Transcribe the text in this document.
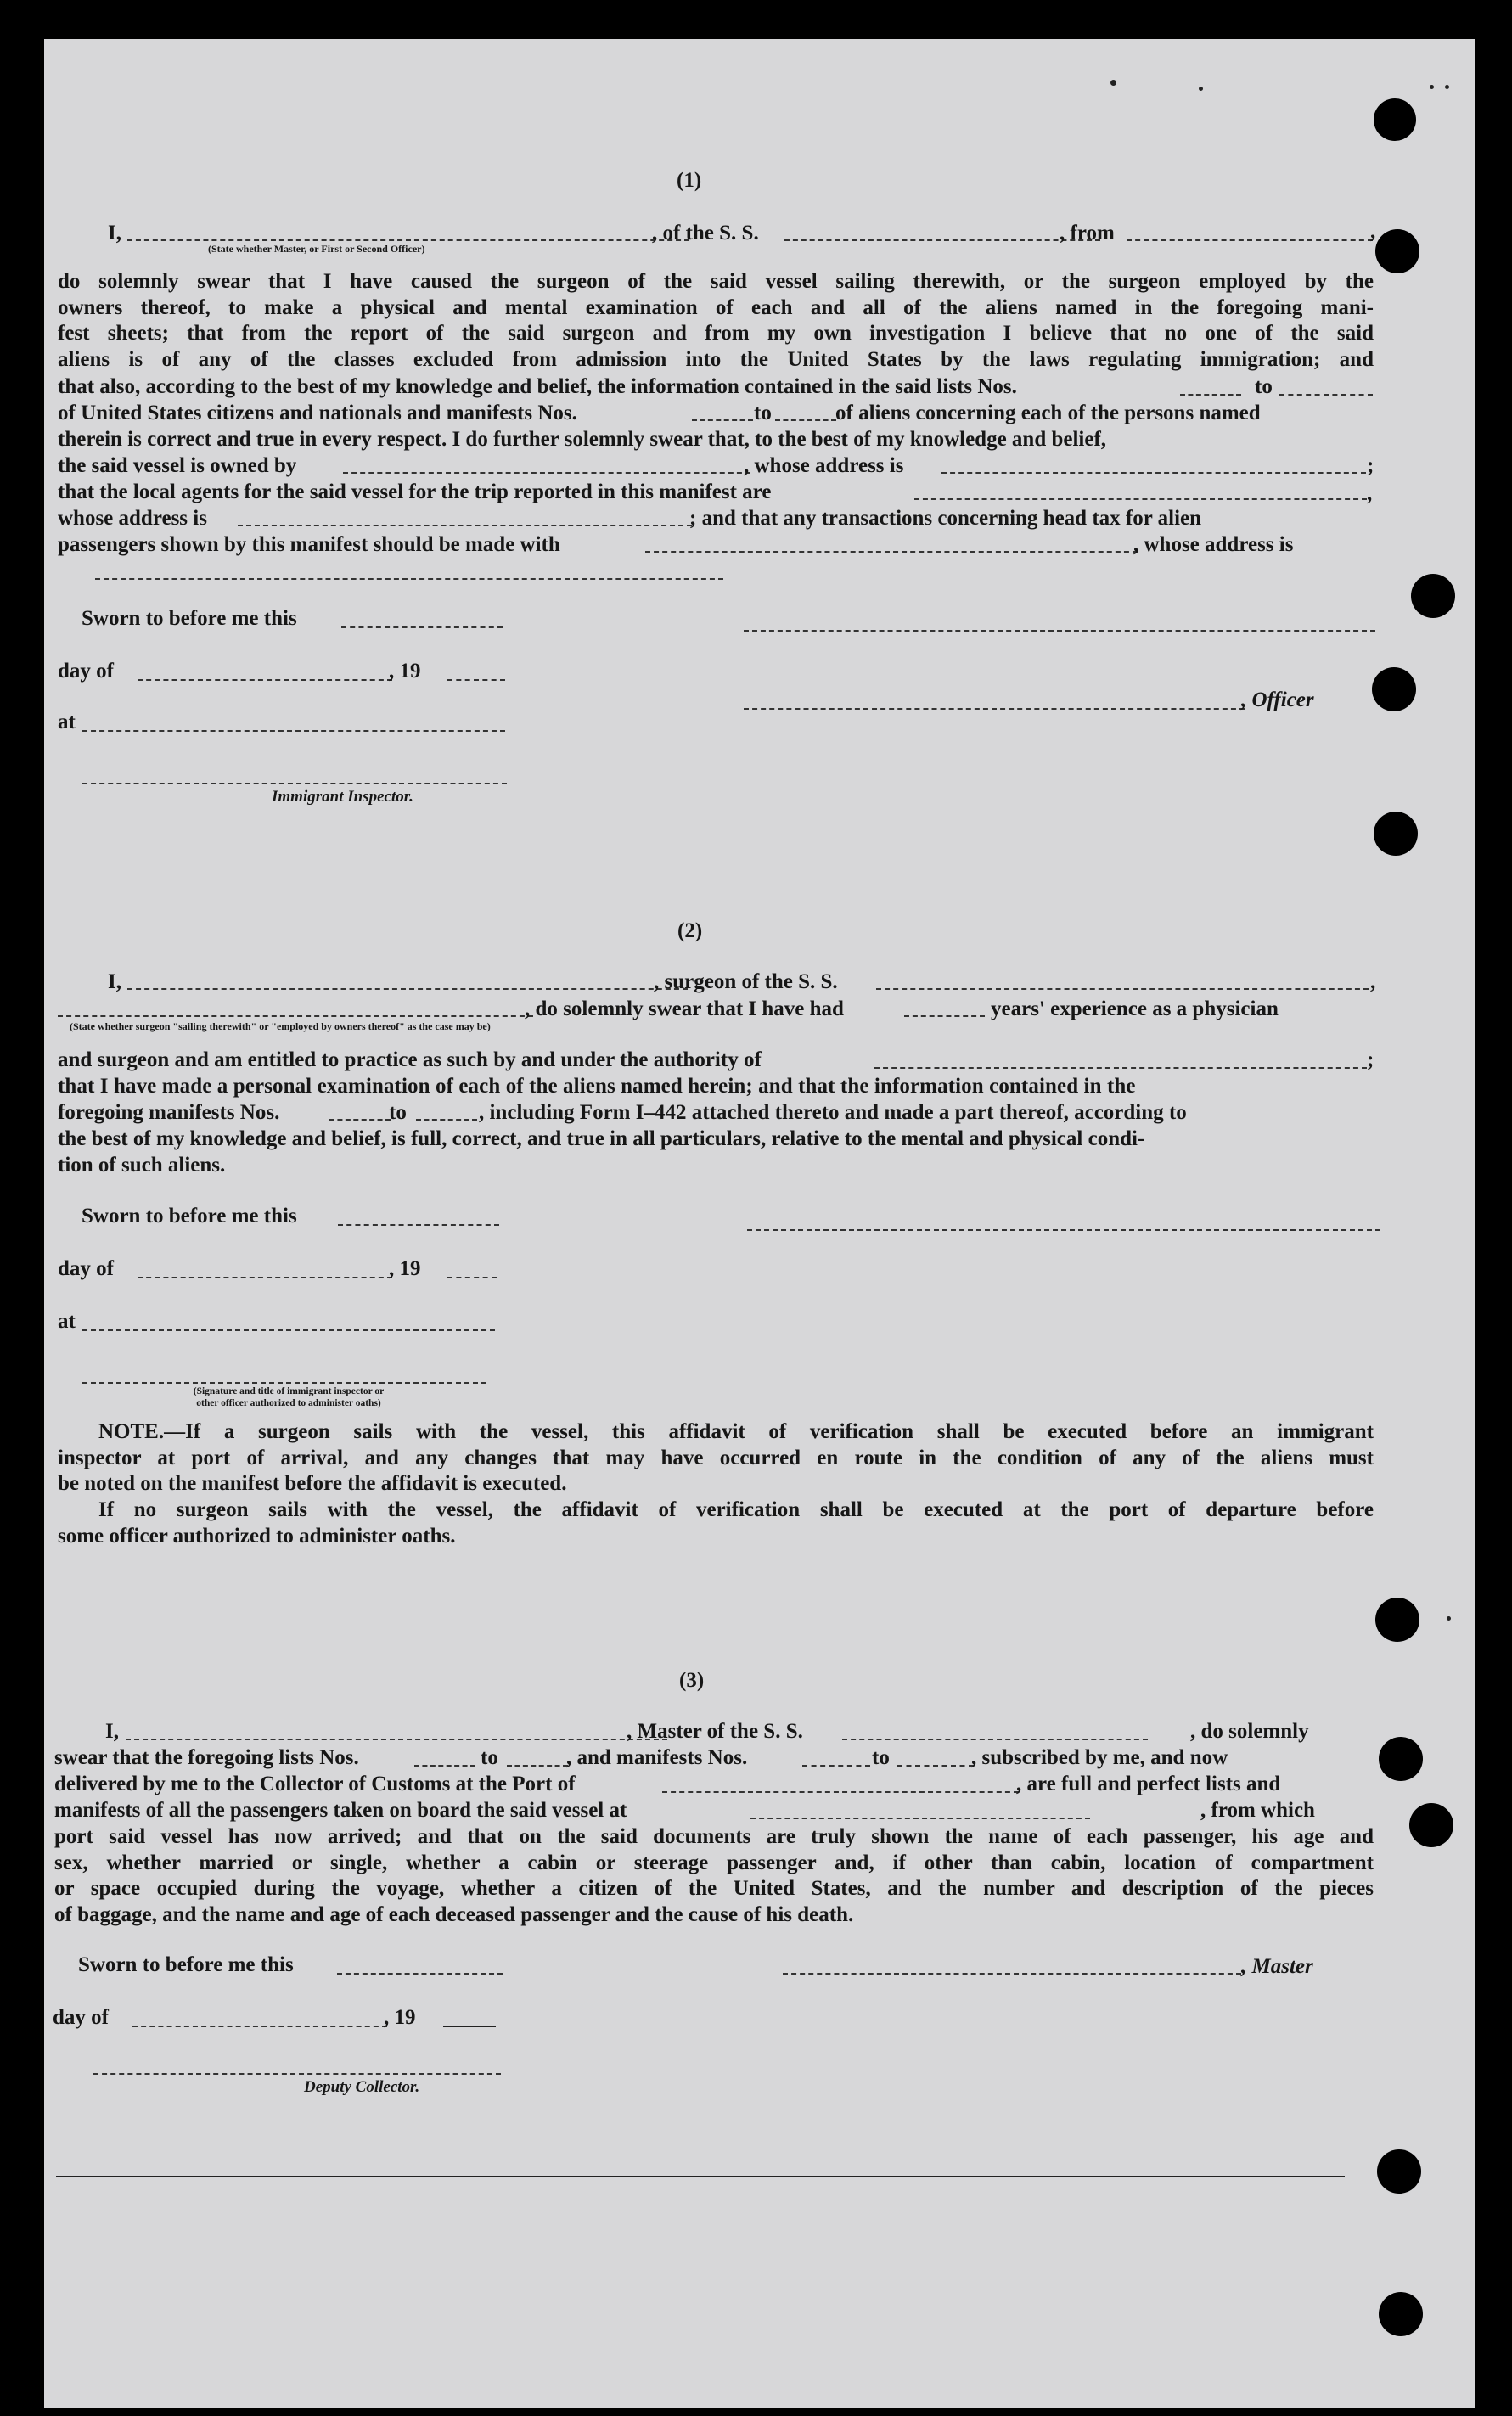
(1)
I,	, of the S. S.	, from	,
(State whether Master, or First or Second Officer)
do solemnly swear that I have caused the surgeon of the said vessel sailing therewith, or the surgeon employed by the
owners thereof, to make a physical and mental examination of each and all of the aliens named in the foregoing mani-
fest sheets; that from the report of the said surgeon and from my own investigation I believe that no one of the said
aliens is of any of the classes excluded from admission into the United States by the laws regulating immigration; and
that also, according to the best of my knowledge and belief, the information contained in the said lists Nos.	to
of United States citizens and nationals and manifests Nos.	to	of aliens concerning each of the persons named
therein is correct and true in every respect. I do further solemnly swear that, to the best of my knowledge and belief,
the said vessel is owned by	, whose address is	;
that the local agents for the said vessel for the trip reported in this manifest are	,
whose address is	; and that any transactions concerning head tax for alien
passengers shown by this manifest should be made with	, whose address is
Sworn to before me this
day of	, 19
, Officer
at
Immigrant Inspector.
(2)
I,	, surgeon of the S. S.	,
, do solemnly swear that I have had	years' experience as a physician
(State whether surgeon "sailing therewith" or "employed by owners thereof" as the case may be)
and surgeon and am entitled to practice as such by and under the authority of	;
that I have made a personal examination of each of the aliens named herein; and that the information contained in the
foregoing manifests Nos.	to	, including Form I–442 attached thereto and made a part thereof, according to
the best of my knowledge and belief, is full, correct, and true in all particulars, relative to the mental and physical condi-
tion of such aliens.
Sworn to before me this
day of	, 19
at
(Signature and title of immigrant inspector or
other officer authorized to administer oaths)
NOTE.—If a surgeon sails with the vessel, this affidavit of verification shall be executed before an immigrant
inspector at port of arrival, and any changes that may have occurred en route in the condition of any of the aliens must
be noted on the manifest before the affidavit is executed.
If no surgeon sails with the vessel, the affidavit of verification shall be executed at the port of departure before
some officer authorized to administer oaths.
(3)
I,	, Master of the S. S.	, do solemnly
swear that the foregoing lists Nos.	to	, and manifests Nos.	to	, subscribed by me, and now
delivered by me to the Collector of Customs at the Port of	, are full and perfect lists and
manifests of all the passengers taken on board the said vessel at	, from which
port said vessel has now arrived; and that on the said documents are truly shown the name of each passenger, his age and
sex, whether married or single, whether a cabin or steerage passenger and, if other than cabin, location of compartment
or space occupied during the voyage, whether a citizen of the United States, and the number and description of the pieces
of baggage, and the name and age of each deceased passenger and the cause of his death.
Sworn to before me this	, Master
day of	, 19
Deputy Collector.
